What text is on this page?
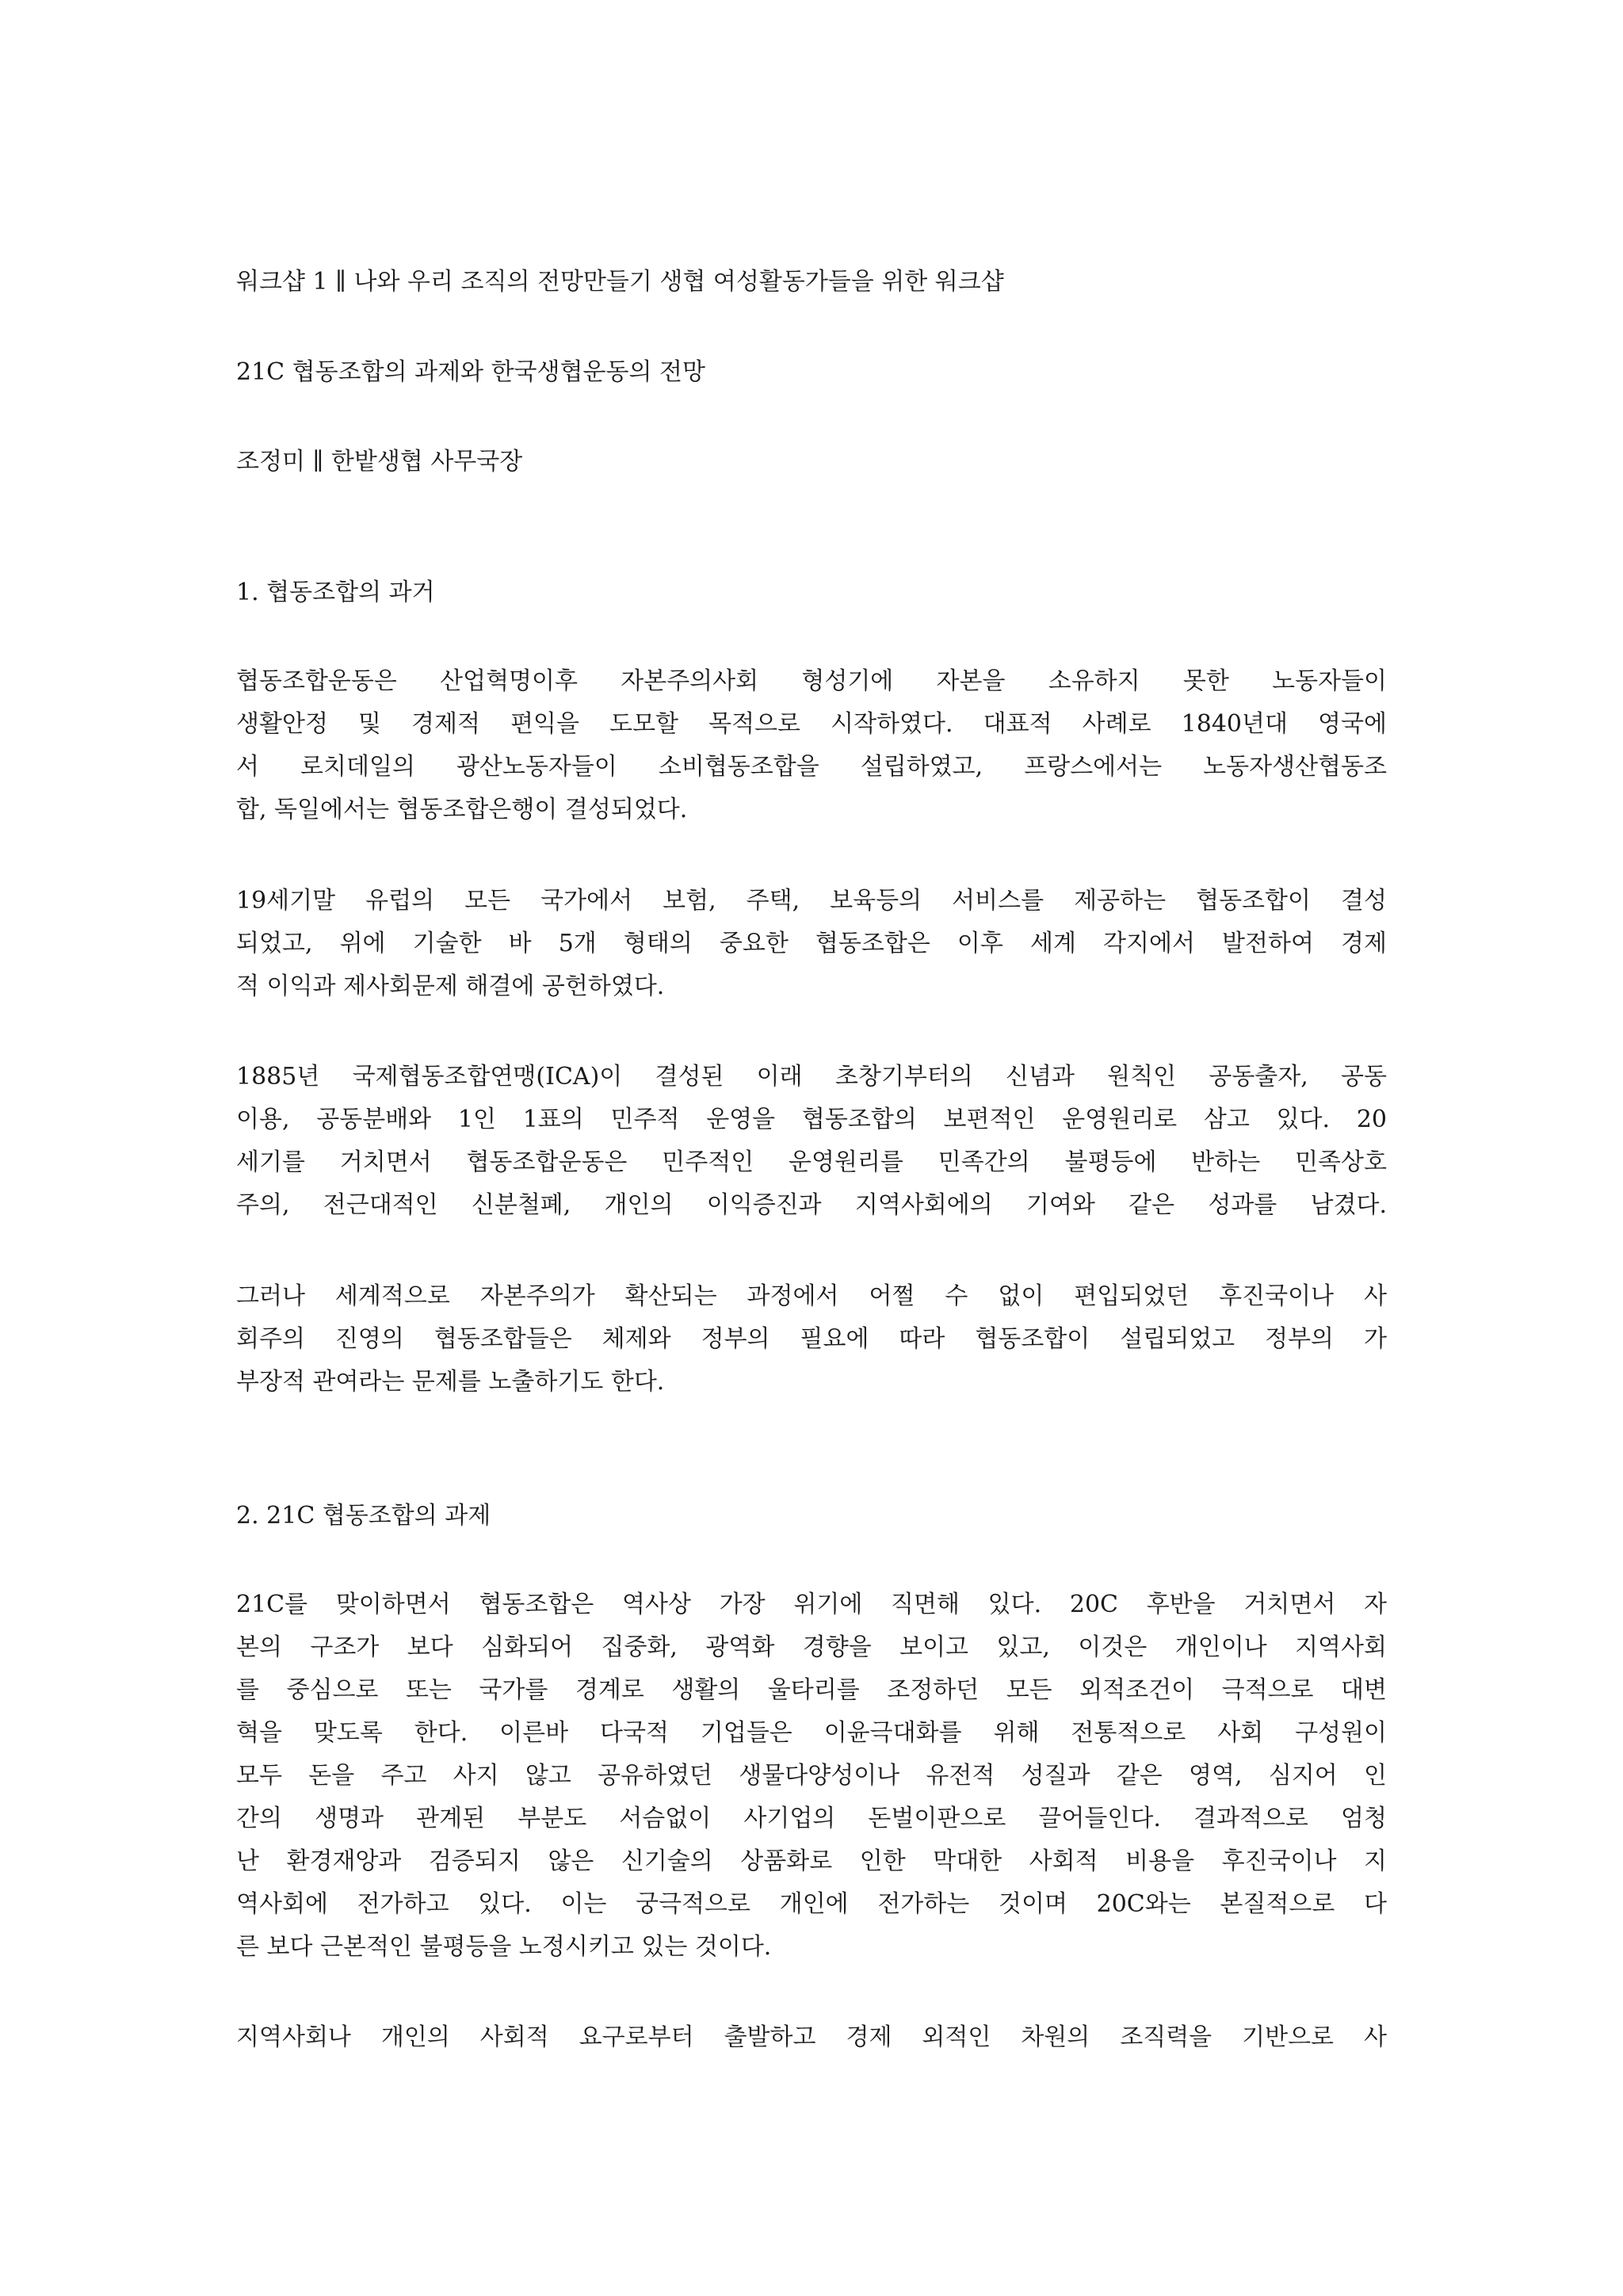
워크샵 1 ∥ 나와 우리 조직의 전망만들기 생협 여성활동가들을 위한 워크샵
21C 협동조합의 과제와 한국생협운동의 전망
조정미 ∥ 한밭생협 사무국장
1. 협동조합의 과거
협동조합운동은 산업혁명이후 자본주의사회 형성기에 자본을 소유하지 못한 노동자들이
생활안정 및 경제적 편익을 도모할 목적으로 시작하였다. 대표적 사례로 1840년대 영국에
서 로치데일의 광산노동자들이 소비협동조합을 설립하였고, 프랑스에서는 노동자생산협동조
합, 독일에서는 협동조합은행이 결성되었다.
19세기말 유럽의 모든 국가에서 보험, 주택, 보육등의 서비스를 제공하는 협동조합이 결성
되었고, 위에 기술한 바 5개 형태의 중요한 협동조합은 이후 세계 각지에서 발전하여 경제
적 이익과 제사회문제 해결에 공헌하였다.
1885년 국제협동조합연맹(ICA)이 결성된 이래 초창기부터의 신념과 원칙인 공동출자, 공동
이용, 공동분배와 1인 1표의 민주적 운영을 협동조합의 보편적인 운영원리로 삼고 있다. 20
세기를 거치면서 협동조합운동은 민주적인 운영원리를 민족간의 불평등에 반하는 민족상호
주의, 전근대적인 신분철폐, 개인의 이익증진과 지역사회에의 기여와 같은 성과를 남겼다.
그러나 세계적으로 자본주의가 확산되는 과정에서 어쩔 수 없이 편입되었던 후진국이나 사
회주의 진영의 협동조합들은 체제와 정부의 필요에 따라 협동조합이 설립되었고 정부의 가
부장적 관여라는 문제를 노출하기도 한다.
2. 21C 협동조합의 과제
21C를 맞이하면서 협동조합은 역사상 가장 위기에 직면해 있다. 20C 후반을 거치면서 자
본의 구조가 보다 심화되어 집중화, 광역화 경향을 보이고 있고, 이것은 개인이나 지역사회
를 중심으로 또는 국가를 경계로 생활의 울타리를 조정하던 모든 외적조건이 극적으로 대변
혁을 맞도록 한다. 이른바 다국적 기업들은 이윤극대화를 위해 전통적으로 사회 구성원이
모두 돈을 주고 사지 않고 공유하였던 생물다양성이나 유전적 성질과 같은 영역, 심지어 인
간의 생명과 관계된 부분도 서슴없이 사기업의 돈벌이판으로 끌어들인다. 결과적으로 엄청
난 환경재앙과 검증되지 않은 신기술의 상품화로 인한 막대한 사회적 비용을 후진국이나 지
역사회에 전가하고 있다. 이는 궁극적으로 개인에 전가하는 것이며 20C와는 본질적으로 다
른 보다 근본적인 불평등을 노정시키고 있는 것이다.
지역사회나 개인의 사회적 요구로부터 출발하고 경제 외적인 차원의 조직력을 기반으로 사
